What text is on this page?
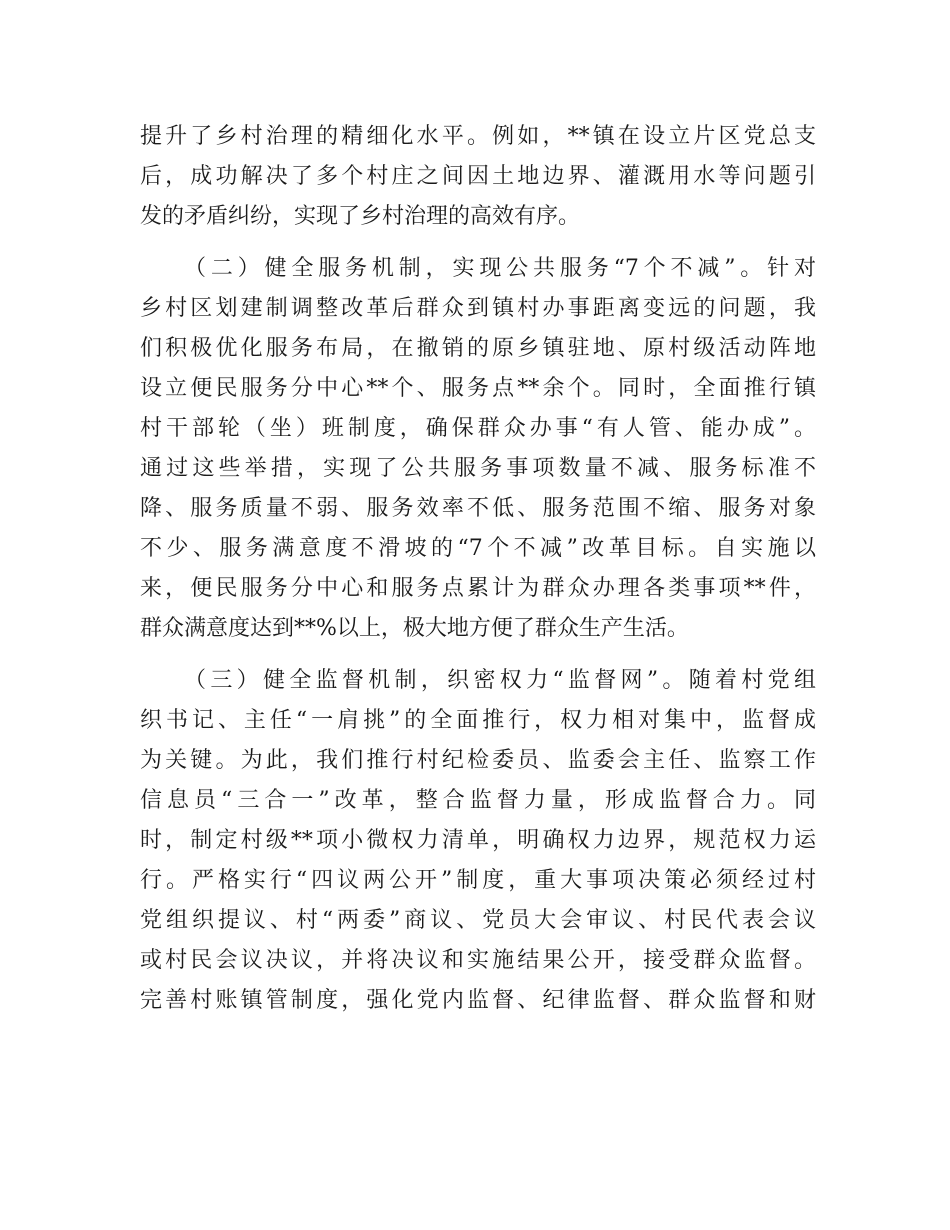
提升了乡村治理的精细化水平。例如，**镇在设立片区党总支
后，成功解决了多个村庄之间因土地边界、灌溉用水等问题引
发的矛盾纠纷，实现了乡村治理的高效有序。

（二）健全服务机制，实现公共服务“7个不减”。针对
乡村区划建制调整改革后群众到镇村办事距离变远的问题，我
们积极优化服务布局，在撤销的原乡镇驻地、原村级活动阵地
设立便民服务分中心**个、服务点**余个。同时，全面推行镇
村干部轮（坐）班制度，确保群众办事“有人管、能办成”。
通过这些举措，实现了公共服务事项数量不减、服务标准不
降、服务质量不弱、服务效率不低、服务范围不缩、服务对象
不少、服务满意度不滑坡的“7个不减”改革目标。自实施以
来，便民服务分中心和服务点累计为群众办理各类事项**件，
群众满意度达到**%以上，极大地方便了群众生产生活。

（三）健全监督机制，织密权力“监督网”。随着村党组
织书记、主任“一肩挑”的全面推行，权力相对集中，监督成
为关键。为此，我们推行村纪检委员、监委会主任、监察工作
信息员“三合一”改革，整合监督力量，形成监督合力。同
时，制定村级**项小微权力清单，明确权力边界，规范权力运
行。严格实行“四议两公开”制度，重大事项决策必须经过村
党组织提议、村“两委”商议、党员大会审议、村民代表会议
或村民会议决议，并将决议和实施结果公开，接受群众监督。
完善村账镇管制度，强化党内监督、纪律监督、群众监督和财
